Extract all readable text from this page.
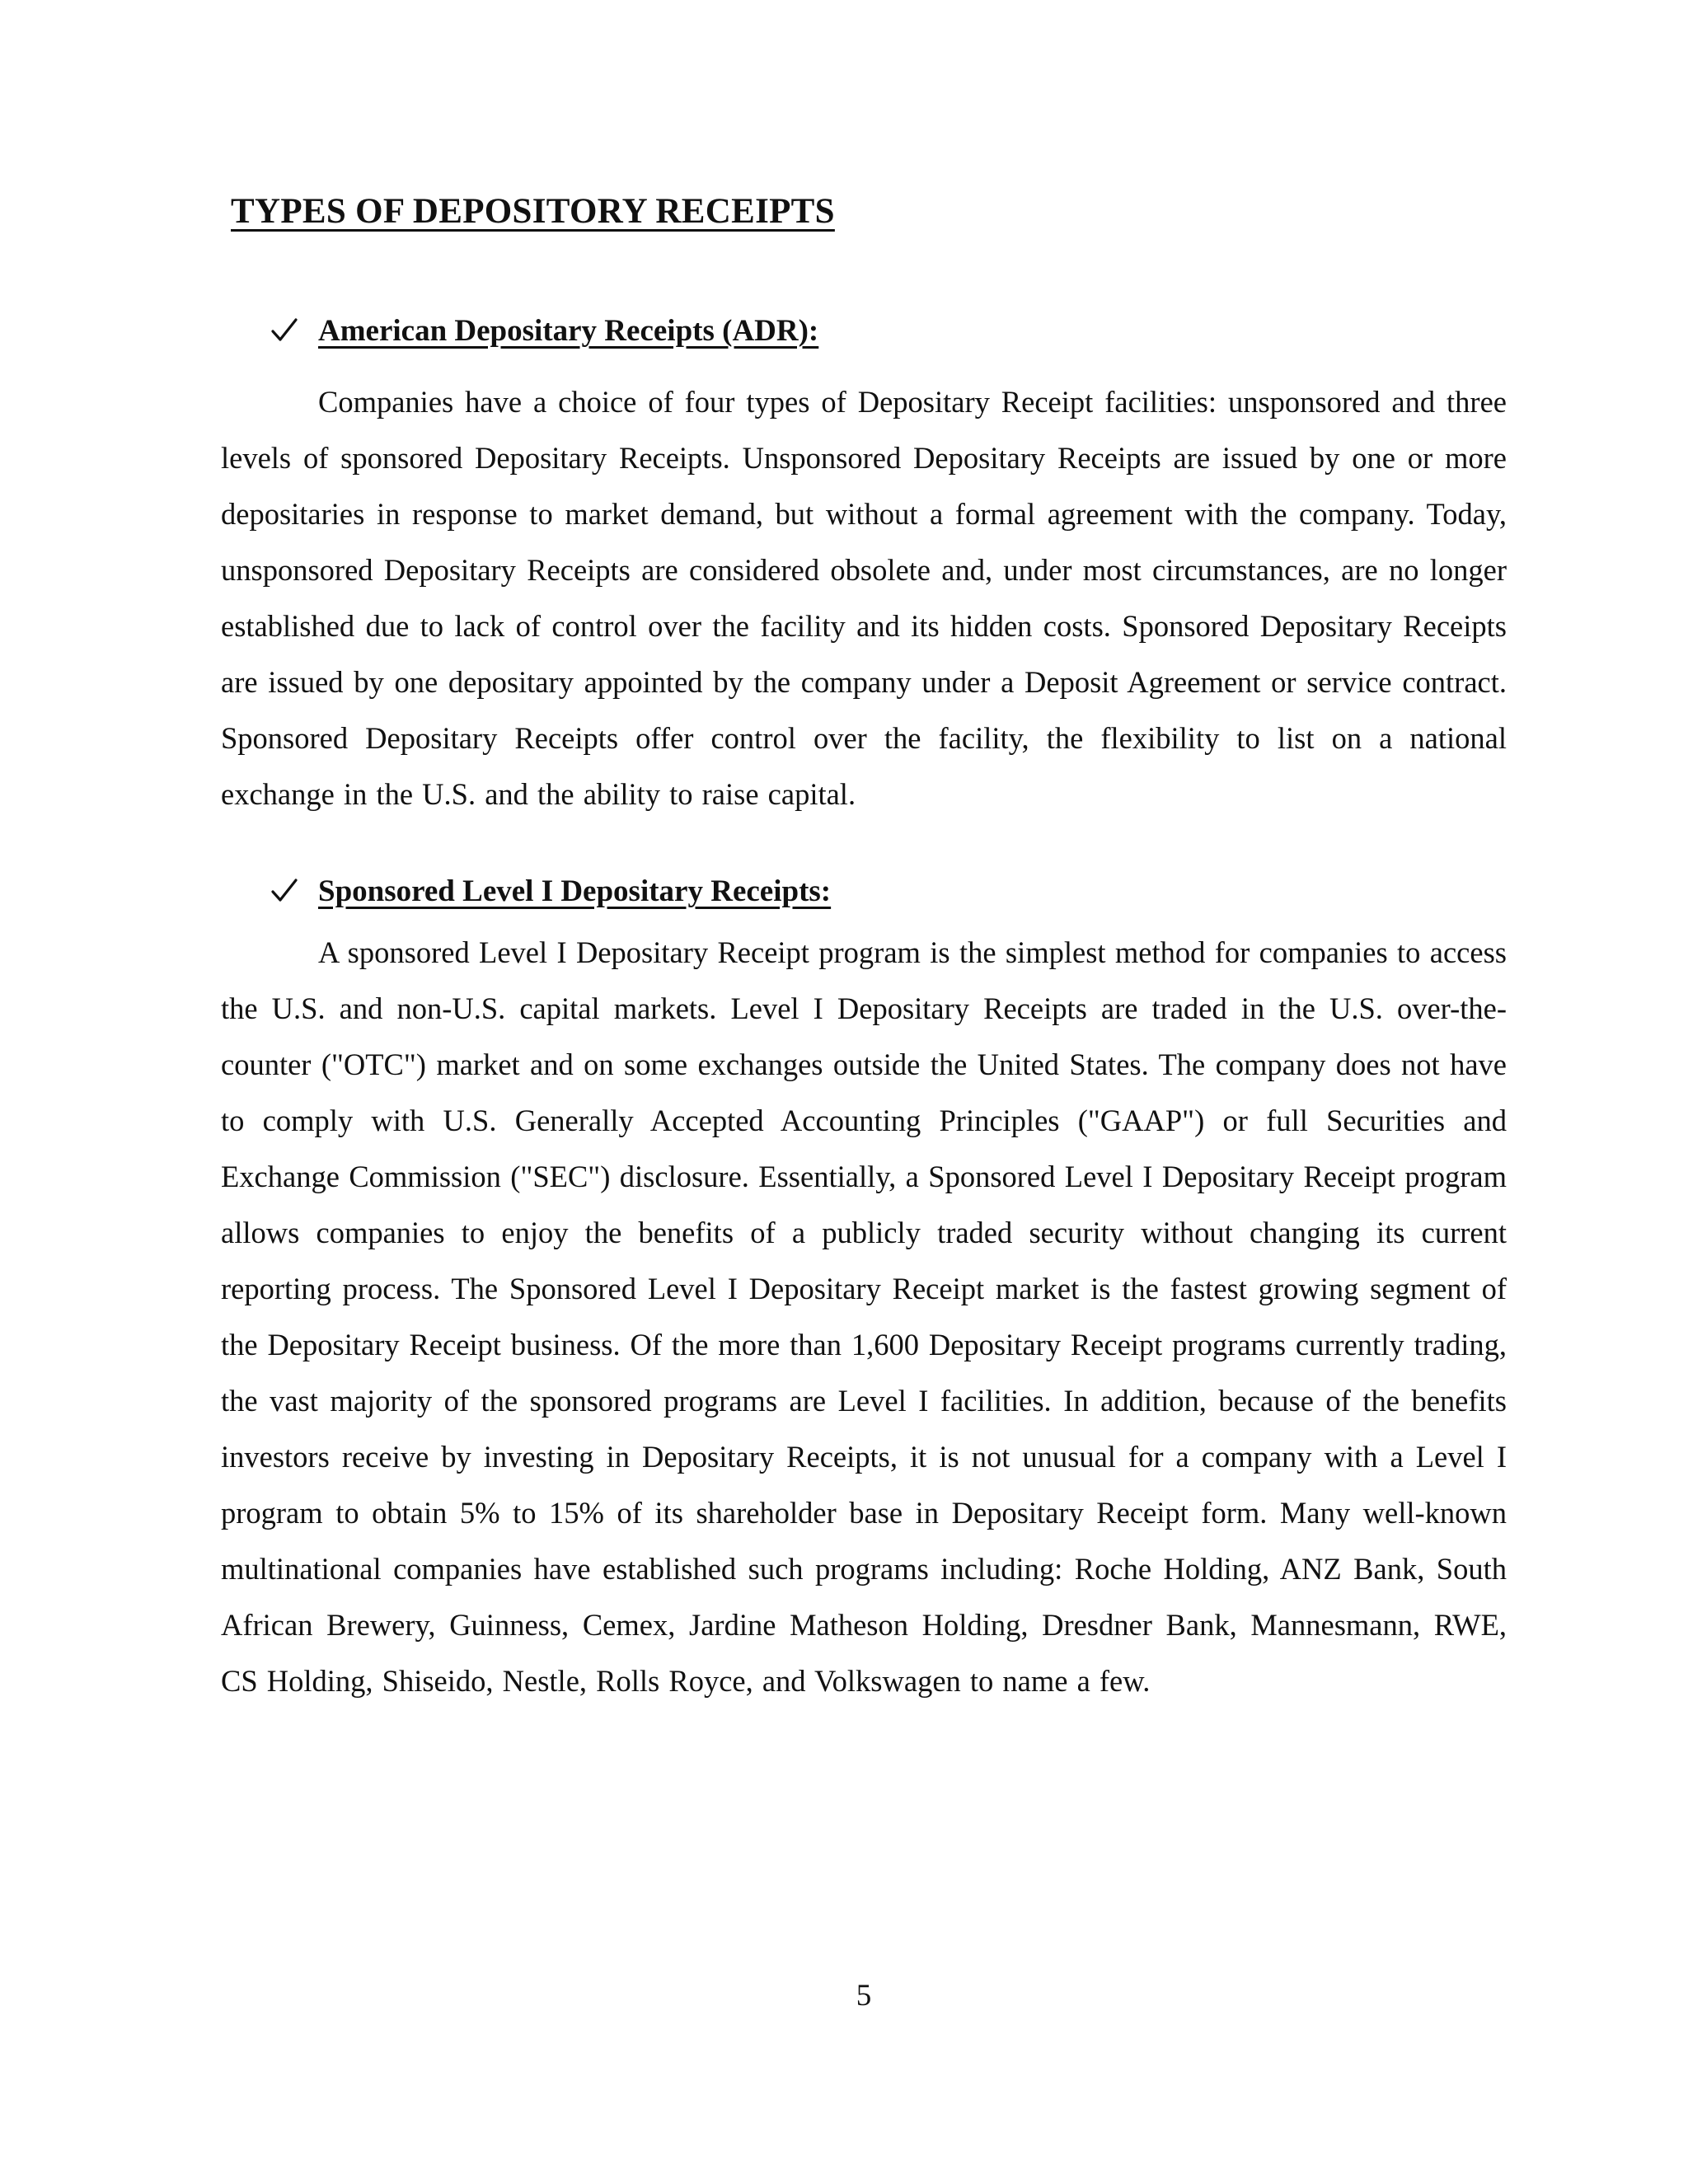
TYPES OF DEPOSITORY RECEIPTS
American Depositary Receipts (ADR):

Companies have a choice of four types of Depositary Receipt facilities: unsponsored and three levels of sponsored Depositary Receipts. Unsponsored Depositary Receipts are issued by one or more depositaries in response to market demand, but without a formal agreement with the company. Today, unsponsored Depositary Receipts are considered obsolete and, under most circumstances, are no longer established due to lack of control over the facility and its hidden costs. Sponsored Depositary Receipts are issued by one depositary appointed by the company under a Deposit Agreement or service contract. Sponsored Depositary Receipts offer control over the facility, the flexibility to list on a national exchange in the U.S. and the ability to raise capital.

Sponsored Level I Depositary Receipts:

A sponsored Level I Depositary Receipt program is the simplest method for companies to access the U.S. and non-U.S. capital markets. Level I Depositary Receipts are traded in the U.S. over-the-counter ("OTC") market and on some exchanges outside the United States. The company does not have to comply with U.S. Generally Accepted Accounting Principles ("GAAP") or full Securities and Exchange Commission ("SEC") disclosure. Essentially, a Sponsored Level I Depositary Receipt program allows companies to enjoy the benefits of a publicly traded security without changing its current reporting process. The Sponsored Level I Depositary Receipt market is the fastest growing segment of the Depositary Receipt business. Of the more than 1,600 Depositary Receipt programs currently trading, the vast majority of the sponsored programs are Level I facilities. In addition, because of the benefits investors receive by investing in Depositary Receipts, it is not unusual for a company with a Level I program to obtain 5% to 15% of its shareholder base in Depositary Receipt form. Many well-known multinational companies have established such programs including: Roche Holding, ANZ Bank, South African Brewery, Guinness, Cemex, Jardine Matheson Holding, Dresdner Bank, Mannesmann, RWE, CS Holding, Shiseido, Nestle, Rolls Royce, and Volkswagen to name a few.

5
